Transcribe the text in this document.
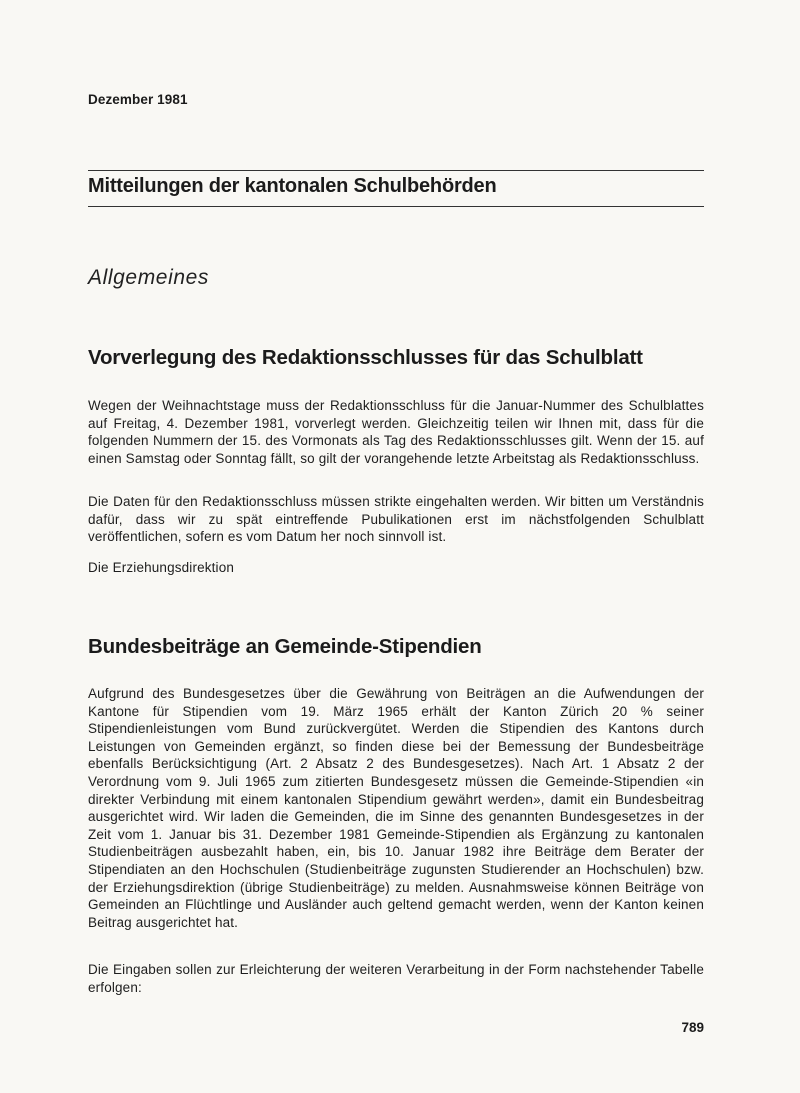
Dezember 1981
Mitteilungen der kantonalen Schulbehörden
Allgemeines
Vorverlegung des Redaktionsschlusses für das Schulblatt

Wegen der Weihnachtstage muss der Redaktionsschluss für die Januar-Nummer des Schulblattes auf Freitag, 4. Dezember 1981, vorverlegt werden. Gleichzeitig teilen wir Ihnen mit, dass für die folgenden Nummern der 15. des Vormonats als Tag des Redaktionsschlusses gilt. Wenn der 15. auf einen Samstag oder Sonntag fällt, so gilt der vorangehende letzte Arbeitstag als Redaktionsschluss.

Die Daten für den Redaktionsschluss müssen strikte eingehalten werden. Wir bitten um Verständnis dafür, dass wir zu spät eintreffende Pubulikationen erst im nächstfolgenden Schulblatt veröffentlichen, sofern es vom Datum her noch sinnvoll ist.

Die Erziehungsdirektion

Bundesbeiträge an Gemeinde-Stipendien

Aufgrund des Bundesgesetzes über die Gewährung von Beiträgen an die Aufwendungen der Kantone für Stipendien vom 19. März 1965 erhält der Kanton Zürich 20 % seiner Stipendienleistungen vom Bund zurückvergütet. Werden die Stipendien des Kantons durch Leistungen von Gemeinden ergänzt, so finden diese bei der Bemessung der Bundesbeiträge ebenfalls Berücksichtigung (Art. 2 Absatz 2 des Bundesgesetzes). Nach Art. 1 Absatz 2 der Verordnung vom 9. Juli 1965 zum zitierten Bundesgesetz müssen die Gemeinde-Stipendien «in direkter Verbindung mit einem kantonalen Stipendium gewährt werden», damit ein Bundesbeitrag ausgerichtet wird. Wir laden die Gemeinden, die im Sinne des genannten Bundesgesetzes in der Zeit vom 1. Januar bis 31. Dezember 1981 Gemeinde-Stipendien als Ergänzung zu kantonalen Studienbeiträgen ausbezahlt haben, ein, bis 10. Januar 1982 ihre Beiträge dem Berater der Stipendiaten an den Hochschulen (Studienbeiträge zugunsten Studierender an Hochschulen) bzw. der Erziehungsdirektion (übrige Studienbeiträge) zu melden. Ausnahmsweise können Beiträge von Gemeinden an Flüchtlinge und Ausländer auch geltend gemacht werden, wenn der Kanton keinen Beitrag ausgerichtet hat.

Die Eingaben sollen zur Erleichterung der weiteren Verarbeitung in der Form nachstehender Tabelle erfolgen:

789
